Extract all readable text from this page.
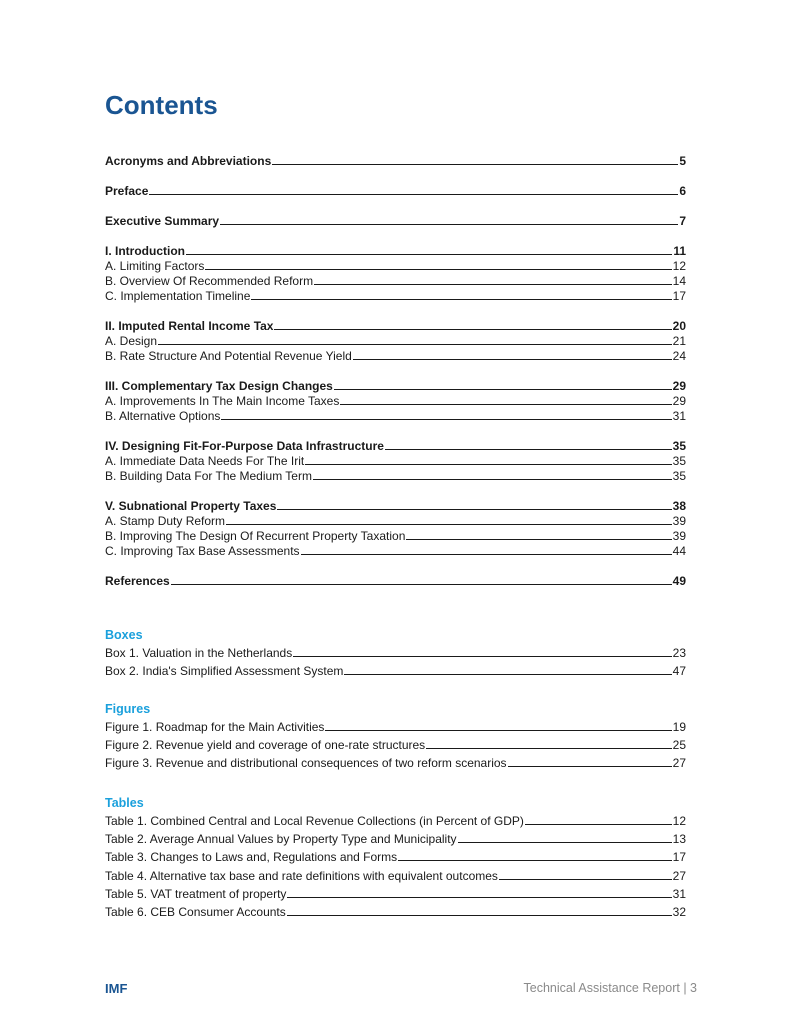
Contents
Acronyms and Abbreviations	5
Preface	6
Executive Summary	7
I. Introduction	11
A. Limiting Factors	12
B. Overview Of Recommended Reform	14
C. Implementation Timeline	17
II. Imputed Rental Income Tax	20
A. Design	21
B. Rate Structure And Potential Revenue Yield	24
III. Complementary Tax Design Changes	29
A. Improvements In The Main Income Taxes	29
B. Alternative Options	31
IV. Designing Fit-For-Purpose Data Infrastructure	35
A. Immediate Data Needs For The Irit	35
B. Building Data For The Medium Term	35
V. Subnational Property Taxes	38
A. Stamp Duty Reform	39
B. Improving The Design Of Recurrent Property Taxation	39
C. Improving Tax Base Assessments	44
References	49
Boxes
Box 1. Valuation in the Netherlands	23
Box 2. India's Simplified Assessment System	47
Figures
Figure 1. Roadmap for the Main Activities	19
Figure 2. Revenue yield and coverage of one-rate structures	25
Figure 3. Revenue and distributional consequences of two reform scenarios	27
Tables
Table 1. Combined Central and Local Revenue Collections (in Percent of GDP)	12
Table 2. Average Annual Values by Property Type and Municipality	13
Table 3. Changes to Laws and, Regulations and Forms	17
Table 4. Alternative tax base and rate definitions with equivalent outcomes	27
Table 5. VAT treatment of property	31
Table 6. CEB Consumer Accounts	32
IMF	Technical Assistance Report | 3
